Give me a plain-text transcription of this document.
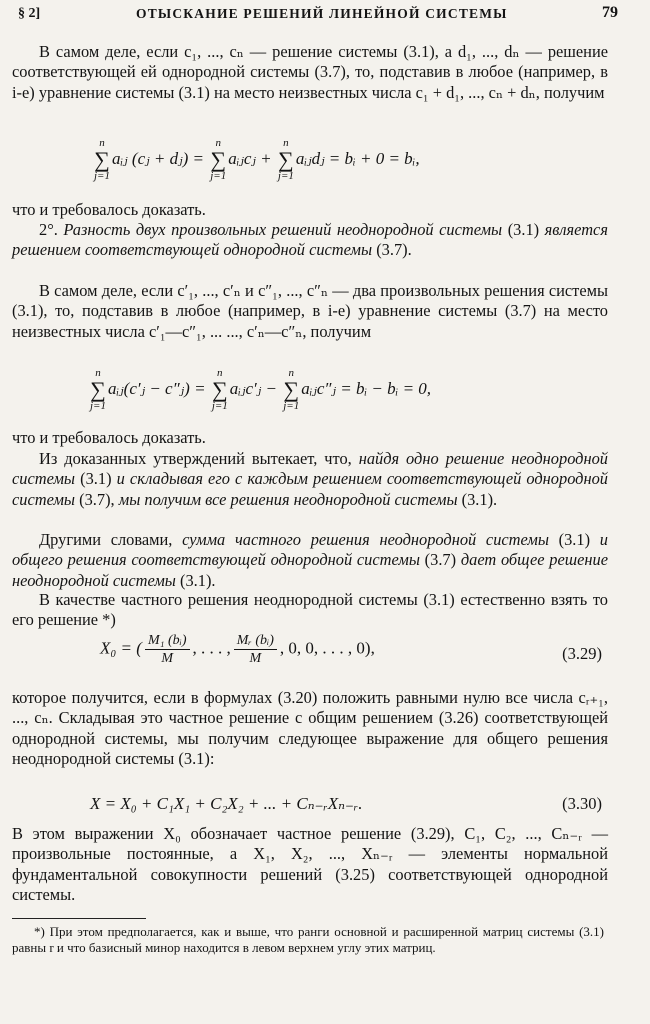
§ 2]	ОТЫСКАНИЕ РЕШЕНИЙ ЛИНЕЙНОЙ СИСТЕМЫ	79
В самом деле, если c₁, ..., cₙ — решение системы (3.1), а d₁, ..., dₙ — решение соответствующей ей однородной системы (3.7), то, подставив в любое (например, в i-е) уравнение системы (3.1) на место неизвестных числа c₁ + d₁, ..., cₙ + dₙ, получим
n
∑
j=1
aᵢⱼ (cⱼ + dⱼ) =
n
∑
j=1
aᵢⱼcⱼ +
n
∑
j=1
aᵢⱼdⱼ = bᵢ + 0 = bᵢ,
что и требовалось доказать.
2°. Разность двух произвольных решений неоднородной системы (3.1) является решением соответствующей однородной системы (3.7).
В самом деле, если c′₁, ..., c′ₙ и c″₁, ..., c″ₙ — два произвольных решения системы (3.1), то, подставив в любое (например, в i-е) уравнение системы (3.7) на место неизвестных числа c′₁—c″₁, ... ..., c′ₙ—c″ₙ, получим
n
∑
j=1
aᵢⱼ(c′ⱼ − c″ⱼ) =
n
∑
j=1
aᵢⱼc′ⱼ −
n
∑
j=1
aᵢⱼc″ⱼ = bᵢ − bᵢ = 0,
что и требовалось доказать.
Из доказанных утверждений вытекает, что, найдя одно решение неоднородной системы (3.1) и складывая его с каждым решением соответствующей однородной системы (3.7), мы получим все решения неоднородной системы (3.1).
Другими словами, сумма частного решения неоднородной системы (3.1) и общего решения соответствующей однородной системы (3.7) дает общее решение неоднородной системы (3.1).
В качестве частного решения неоднородной системы (3.1) естественно взять то его решение *)
X₀ = ( $\frac{\text{M₁ (bᵢ)}}{M}$ , . . . , $\frac{\text{Mᵣ (bᵢ)}}{M}$ , 0, 0, . . . , 0),	(3.29)
которое получится, если в формулах (3.20) положить равными нулю все числа cᵣ₊₁, ..., cₙ. Складывая это частное решение с общим решением (3.26) соответствующей однородной системы, мы получим следующее выражение для общего решения неоднородной системы (3.1):
X = X₀ + C₁X₁ + C₂X₂ + ... + Cₙ₋ᵣXₙ₋ᵣ.	(3.30)
В этом выражении X₀ обозначает частное решение (3.29), C₁, C₂, ..., Cₙ₋ᵣ — произвольные постоянные, а X₁, X₂, ..., Xₙ₋ᵣ — элементы нормальной фундаментальной совокупности решений (3.25) соответствующей однородной системы.
*) При этом предполагается, как и выше, что ранги основной и расширенной матриц системы (3.1) равны r и что базисный минор находится в левом верхнем углу этих матриц.
